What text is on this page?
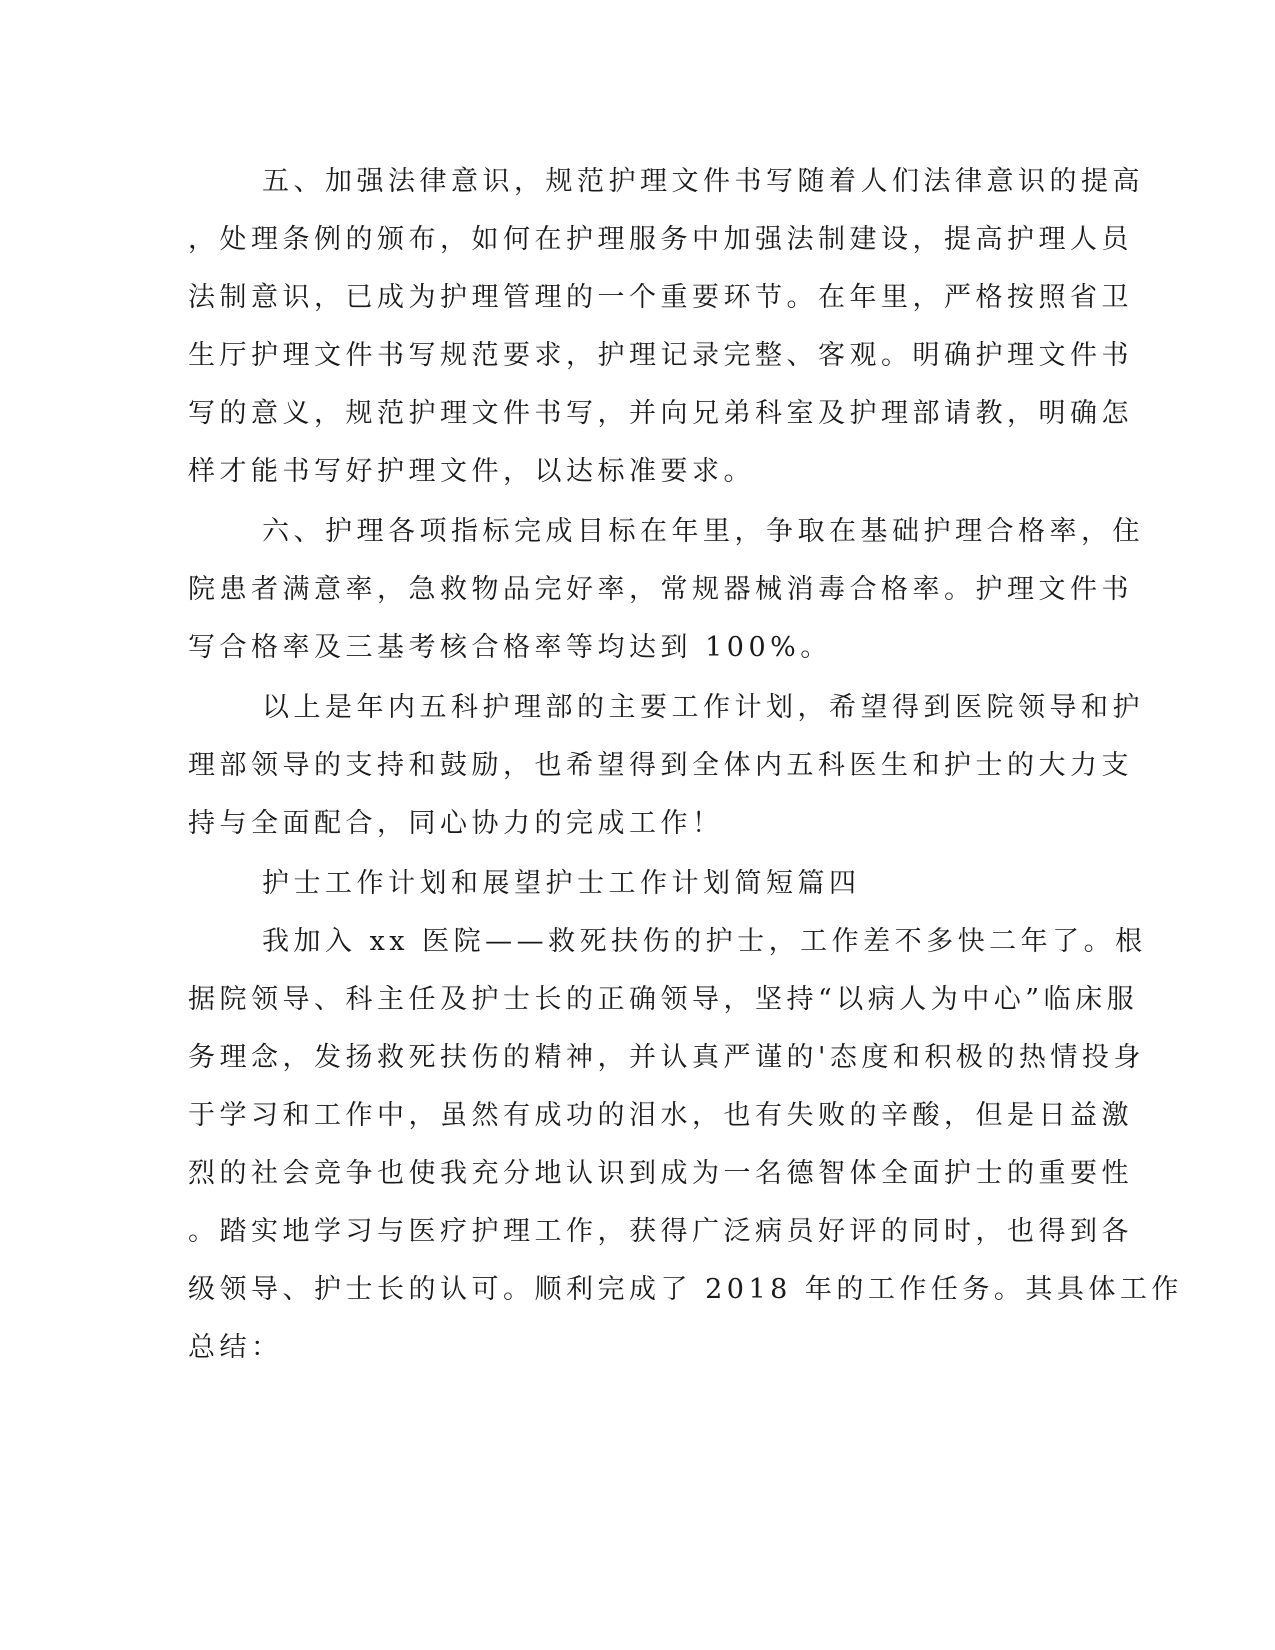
五、加强法律意识，规范护理文件书写随着人们法律意识的提高
，处理条例的颁布，如何在护理服务中加强法制建设，提高护理人员
法制意识，已成为护理管理的一个重要环节。在年里，严格按照省卫
生厅护理文件书写规范要求，护理记录完整、客观。明确护理文件书
写的意义，规范护理文件书写，并向兄弟科室及护理部请教，明确怎
样才能书写好护理文件，以达标准要求。
六、护理各项指标完成目标在年里，争取在基础护理合格率，住
院患者满意率，急救物品完好率，常规器械消毒合格率。护理文件书
写合格率及三基考核合格率等均达到 100%。
以上是年内五科护理部的主要工作计划，希望得到医院领导和护
理部领导的支持和鼓励，也希望得到全体内五科医生和护士的大力支
持与全面配合，同心协力的完成工作！
护士工作计划和展望护士工作计划简短篇四
我加入 xx 医院——救死扶伤的护士，工作差不多快二年了。根
据院领导、科主任及护士长的正确领导，坚持“以病人为中心”临床服
务理念，发扬救死扶伤的精神，并认真严谨的'态度和积极的热情投身
于学习和工作中，虽然有成功的泪水，也有失败的辛酸，但是日益激
烈的社会竞争也使我充分地认识到成为一名德智体全面护士的重要性
。踏实地学习与医疗护理工作，获得广泛病员好评的同时，也得到各
级领导、护士长的认可。顺利完成了 2018 年的工作任务。其具体工作
总结：
